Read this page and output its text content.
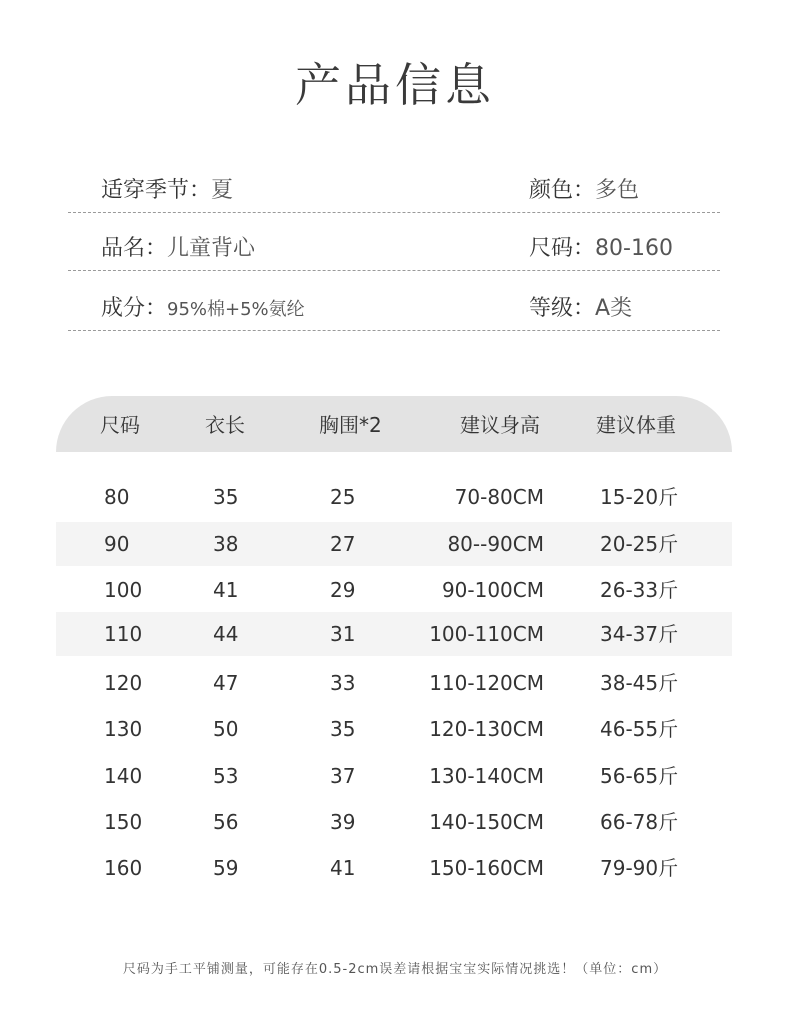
产品信息
适穿季节：夏	颜色：多色
品名：儿童背心	尺码：80-160
成分：95%棉+5%氨纶	等级：A类
尺码	衣长	胸围*2	建议身高	建议体重
80	35	25	70-80CM	15-20斤
90	38	27	80--90CM	20-25斤
100	41	29	90-100CM	26-33斤
110	44	31	100-110CM	34-37斤
120	47	33	110-120CM	38-45斤
130	50	35	120-130CM	46-55斤
140	53	37	130-140CM	56-65斤
150	56	39	140-150CM	66-78斤
160	59	41	150-160CM	79-90斤
尺码为手工平铺测量，可能存在0.5-2cm误差请根据宝宝实际情况挑选！（单位：cm）
